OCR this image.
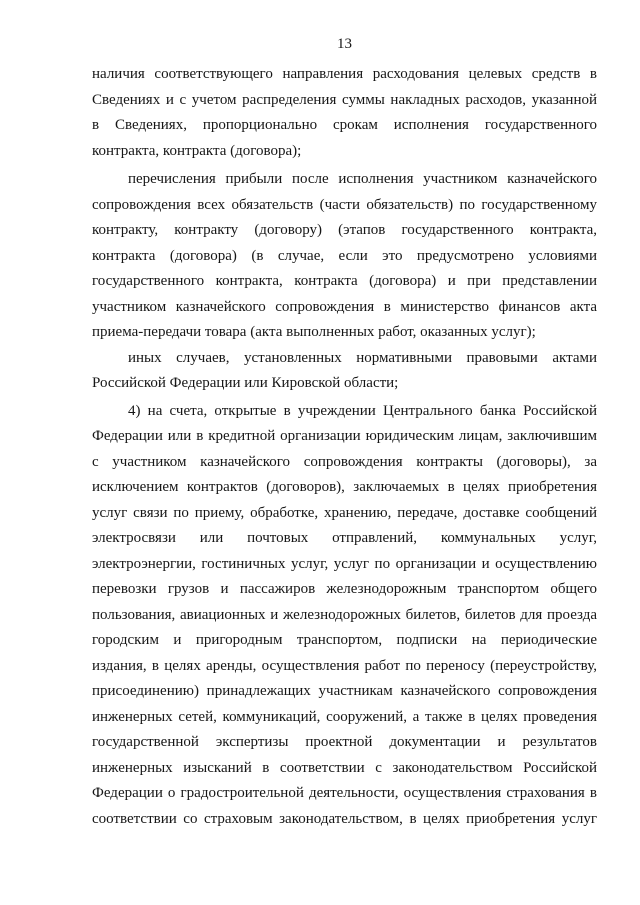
13
наличия соответствующего направления расходования целевых средств в
Сведениях и с учетом распределения суммы накладных расходов, указанной
в Сведениях, пропорционально срокам исполнения государственного
контракта, контракта (договора);
перечисления прибыли после исполнения участником казначейского
сопровождения всех обязательств (части обязательств) по государственному
контракту, контракту (договору) (этапов государственного контракта,
контракта (договора) (в случае, если это предусмотрено условиями
государственного контракта, контракта (договора) и при представлении
участником казначейского сопровождения в министерство финансов акта
приема-передачи товара (акта выполненных работ, оказанных услуг);
иных случаев, установленных нормативными правовыми актами
Российской Федерации или Кировской области;
4) на счета, открытые в учреждении Центрального банка Российской
Федерации или в кредитной организации юридическим лицам, заключившим
с участником казначейского сопровождения контракты (договоры), за
исключением контрактов (договоров), заключаемых в целях приобретения
услуг связи по приему, обработке, хранению, передаче, доставке сообщений
электросвязи или почтовых отправлений, коммунальных услуг,
электроэнергии, гостиничных услуг, услуг по организации и осуществлению
перевозки грузов и пассажиров железнодорожным транспортом общего
пользования, авиационных и железнодорожных билетов, билетов для проезда
городским и пригородным транспортом, подписки на периодические
издания, в целях аренды, осуществления работ по переносу (переустройству,
присоединению) принадлежащих участникам казначейского сопровождения
инженерных сетей, коммуникаций, сооружений, а также в целях проведения
государственной экспертизы проектной документации и результатов
инженерных изысканий в соответствии с законодательством Российской
Федерации о градостроительной деятельности, осуществления страхования в
соответствии со страховым законодательством, в целях приобретения услуг
